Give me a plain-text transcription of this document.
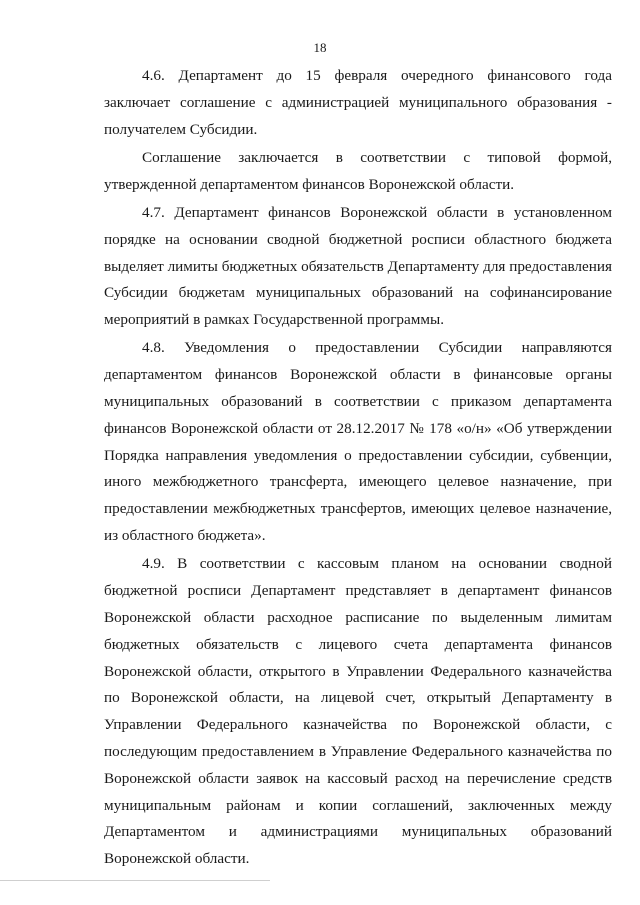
18

4.6. Департамент до 15 февраля очередного финансового года заключает соглашение с администрацией муниципального образования - получателем Субсидии.

Соглашение заключается в соответствии с типовой формой, утвержденной департаментом финансов Воронежской области.

4.7. Департамент финансов Воронежской области в установленном порядке на основании сводной бюджетной росписи областного бюджета выделяет лимиты бюджетных обязательств Департаменту для предоставления Субсидии бюджетам муниципальных образований на софинансирование мероприятий в рамках Государственной программы.

4.8. Уведомления о предоставлении Субсидии направляются департаментом финансов Воронежской области в финансовые органы муниципальных образований в соответствии с приказом департамента финансов Воронежской области от 28.12.2017 № 178 «о/н» «Об утверждении Порядка направления уведомления о предоставлении субсидии, субвенции, иного межбюджетного трансферта, имеющего целевое назначение, при предоставлении межбюджетных трансфертов, имеющих целевое назначение, из областного бюджета».

4.9. В соответствии с кассовым планом на основании сводной бюджетной росписи Департамент представляет в департамент финансов Воронежской области расходное расписание по выделенным лимитам бюджетных обязательств с лицевого счета департамента финансов Воронежской области, открытого в Управлении Федерального казначейства по Воронежской области, на лицевой счет, открытый Департаменту в Управлении Федерального казначейства по Воронежской области, с последующим предоставлением в Управление Федерального казначейства по Воронежской области заявок на кассовый расход на перечисление средств муниципальным районам и копии соглашений, заключенных между Департаментом и администрациями муниципальных образований Воронежской области.
